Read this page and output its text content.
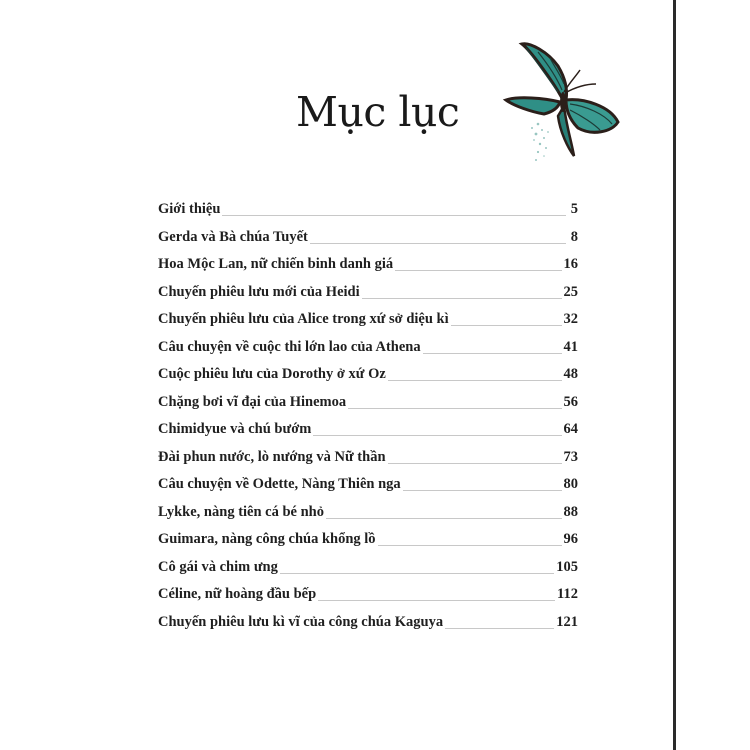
Mục lục
Giới thiệu	5
Gerda và Bà chúa Tuyết	8
Hoa Mộc Lan, nữ chiến binh danh giá	16
Chuyến phiêu lưu mới của Heidi	25
Chuyến phiêu lưu của Alice trong xứ sở diệu kì	32
Câu chuyện về cuộc thi lớn lao của Athena	41
Cuộc phiêu lưu của Dorothy ở xứ Oz	48
Chặng bơi vĩ đại của Hinemoa	56
Chimidyue và chú bướm	64
Đài phun nước, lò nướng và Nữ thần	73
Câu chuyện về Odette, Nàng Thiên nga	80
Lykke, nàng tiên cá bé nhỏ	88
Guimara, nàng công chúa khổng lồ	96
Cô gái và chim ưng	105
Céline, nữ hoàng đầu bếp	112
Chuyến phiêu lưu kì vĩ của công chúa Kaguya	121
